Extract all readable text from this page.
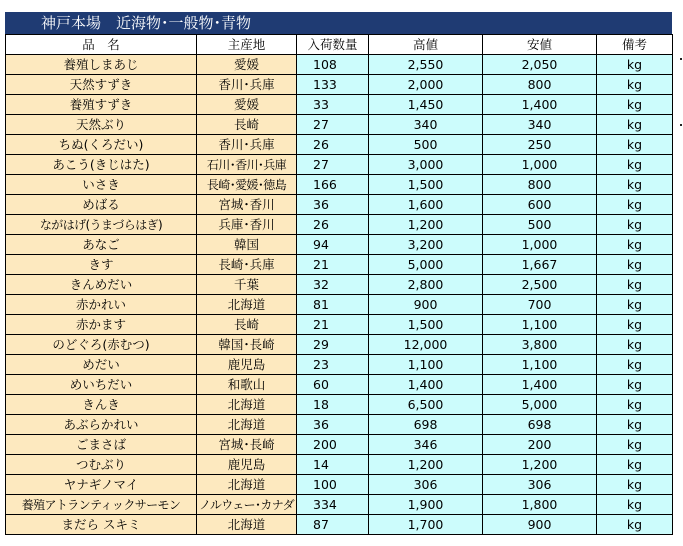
神戸本場　近海物･一般物･青物
品　名	主産地	入荷数量	高値	安値	備考
養殖しまあじ	愛媛	108	2,550	2,050	kg
天然すずき	香川･兵庫	133	2,000	800	kg
養殖すずき	愛媛	33	1,450	1,400	kg
天然ぶり	長崎	27	340	340	kg
ちぬ(くろだい)	香川･兵庫	26	500	250	kg
あこう(きじはた)	石川･香川･兵庫	27	3,000	1,000	kg
いさき	長崎･愛媛･徳島	166	1,500	800	kg
めばる	宮城･香川	36	1,600	600	kg
ながはげ(うまづらはぎ)	兵庫･香川	26	1,200	500	kg
あなご	韓国	94	3,200	1,000	kg
きす	長崎･兵庫	21	5,000	1,667	kg
きんめだい	千葉	32	2,800	2,500	kg
赤かれい	北海道	81	900	700	kg
赤かます	長崎	21	1,500	1,100	kg
のどぐろ(赤むつ)	韓国･長崎	29	12,000	3,800	kg
めだい	鹿児島	23	1,100	1,100	kg
めいちだい	和歌山	60	1,400	1,400	kg
きんき	北海道	18	6,500	5,000	kg
あぶらかれい	北海道	36	698	698	kg
ごまさば	宮城･長崎	200	346	200	kg
つむぶり	鹿児島	14	1,200	1,200	kg
ヤナギノマイ	北海道	100	306	306	kg
養殖アトランティックサーモン	ノルウェー･カナダ	334	1,900	1,800	kg
まだら スキミ	北海道	87	1,700	900	kg
